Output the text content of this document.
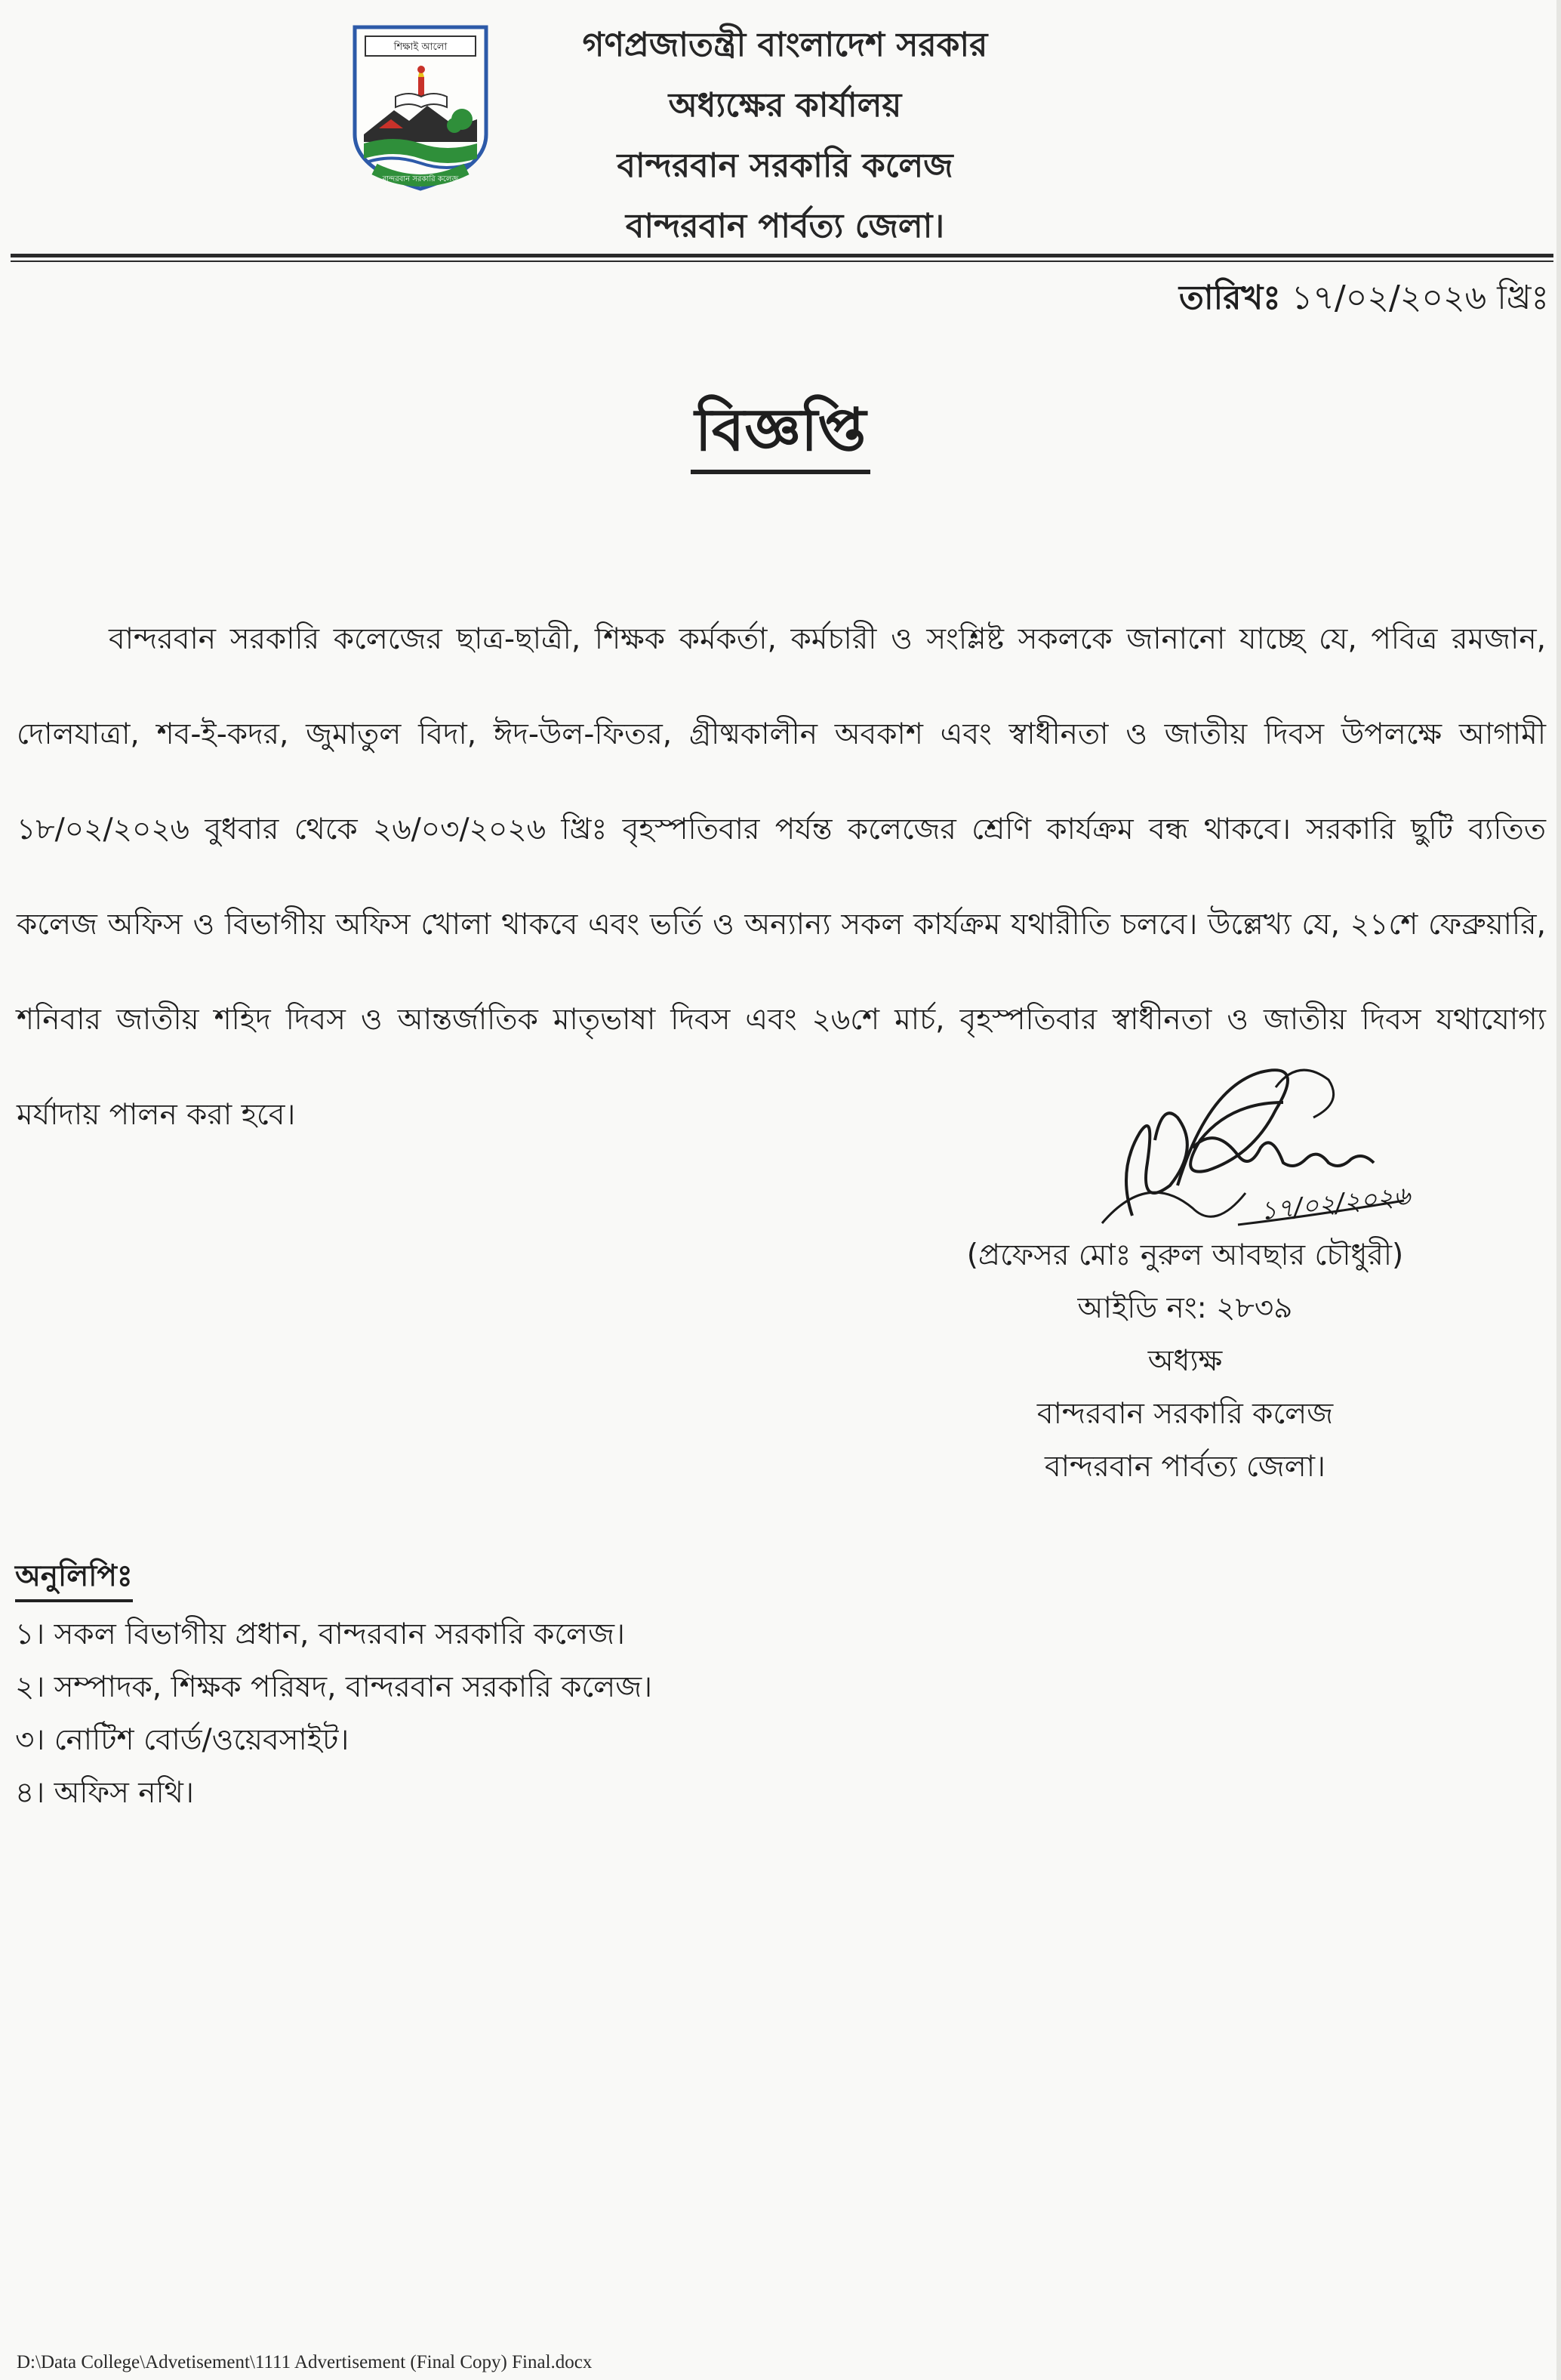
শিক্ষাই আলো
বান্দরবান সরকারি কলেজ
গণপ্রজাতন্ত্রী বাংলাদেশ সরকার
অধ্যক্ষের কার্যালয়
বান্দরবান সরকারি কলেজ
বান্দরবান পার্বত্য জেলা।
তারিখঃ ১৭/০২/২০২৬ খ্রিঃ
বিজ্ঞপ্তি
বান্দরবান সরকারি কলেজের ছাত্র-ছাত্রী, শিক্ষক কর্মকর্তা, কর্মচারী ও সংশ্লিষ্ট সকলকে জানানো যাচ্ছে যে, পবিত্র রমজান, দোলযাত্রা, শব-ই-কদর, জুমাতুল বিদা, ঈদ-উল-ফিতর, গ্রীষ্মকালীন অবকাশ এবং স্বাধীনতা ও জাতীয় দিবস উপলক্ষে আগামী ১৮/০২/২০২৬ বুধবার থেকে ২৬/০৩/২০২৬ খ্রিঃ বৃহস্পতিবার পর্যন্ত কলেজের শ্রেণি কার্যক্রম বন্ধ থাকবে। সরকারি ছুটি ব্যতিত কলেজ অফিস ও বিভাগীয় অফিস খোলা থাকবে এবং ভর্তি ও অন্যান্য সকল কার্যক্রম যথারীতি চলবে। উল্লেখ্য যে, ২১শে ফেব্রুয়ারি, শনিবার জাতীয় শহিদ দিবস ও আন্তর্জাতিক মাতৃভাষা দিবস এবং ২৬শে মার্চ, বৃহস্পতিবার স্বাধীনতা ও জাতীয় দিবস যথাযোগ্য মর্যাদায় পালন করা হবে।
১৭/০২/২০২৬
(প্রফেসর মোঃ নুরুল আবছার চৌধুরী)
আইডি নং: ২৮৩৯
অধ্যক্ষ
বান্দরবান সরকারি কলেজ
বান্দরবান পার্বত্য জেলা।
অনুলিপিঃ
১। সকল বিভাগীয় প্রধান, বান্দরবান সরকারি কলেজ।
২। সম্পাদক, শিক্ষক পরিষদ, বান্দরবান সরকারি কলেজ।
৩। নোটিশ বোর্ড/ওয়েবসাইট।
৪। অফিস নথি।
D:\Data College\Advetisement\1111 Advertisement (Final Copy) Final.docx
